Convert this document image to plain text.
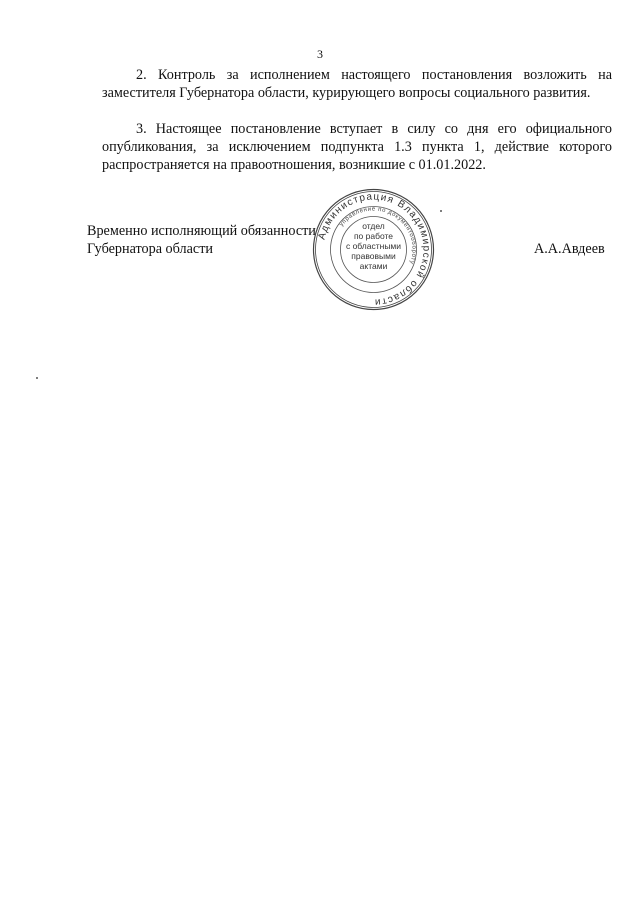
3

2. Контроль за исполнением настоящего постановления возложить на заместителя Губернатора области, курирующего вопросы социального развития.

3. Настоящее постановление вступает в силу со дня его официального опубликования, за исключением подпункта 1.3 пункта 1, действие которого распространяется на правоотношения, возникшие с 01.01.2022.

Временно исполняющий обязанности
Губернатора области	А.А.Авдеев
Администрация Владимирской области
управление по документообороту
отдел
по работе
с областными
правовыми
актами
